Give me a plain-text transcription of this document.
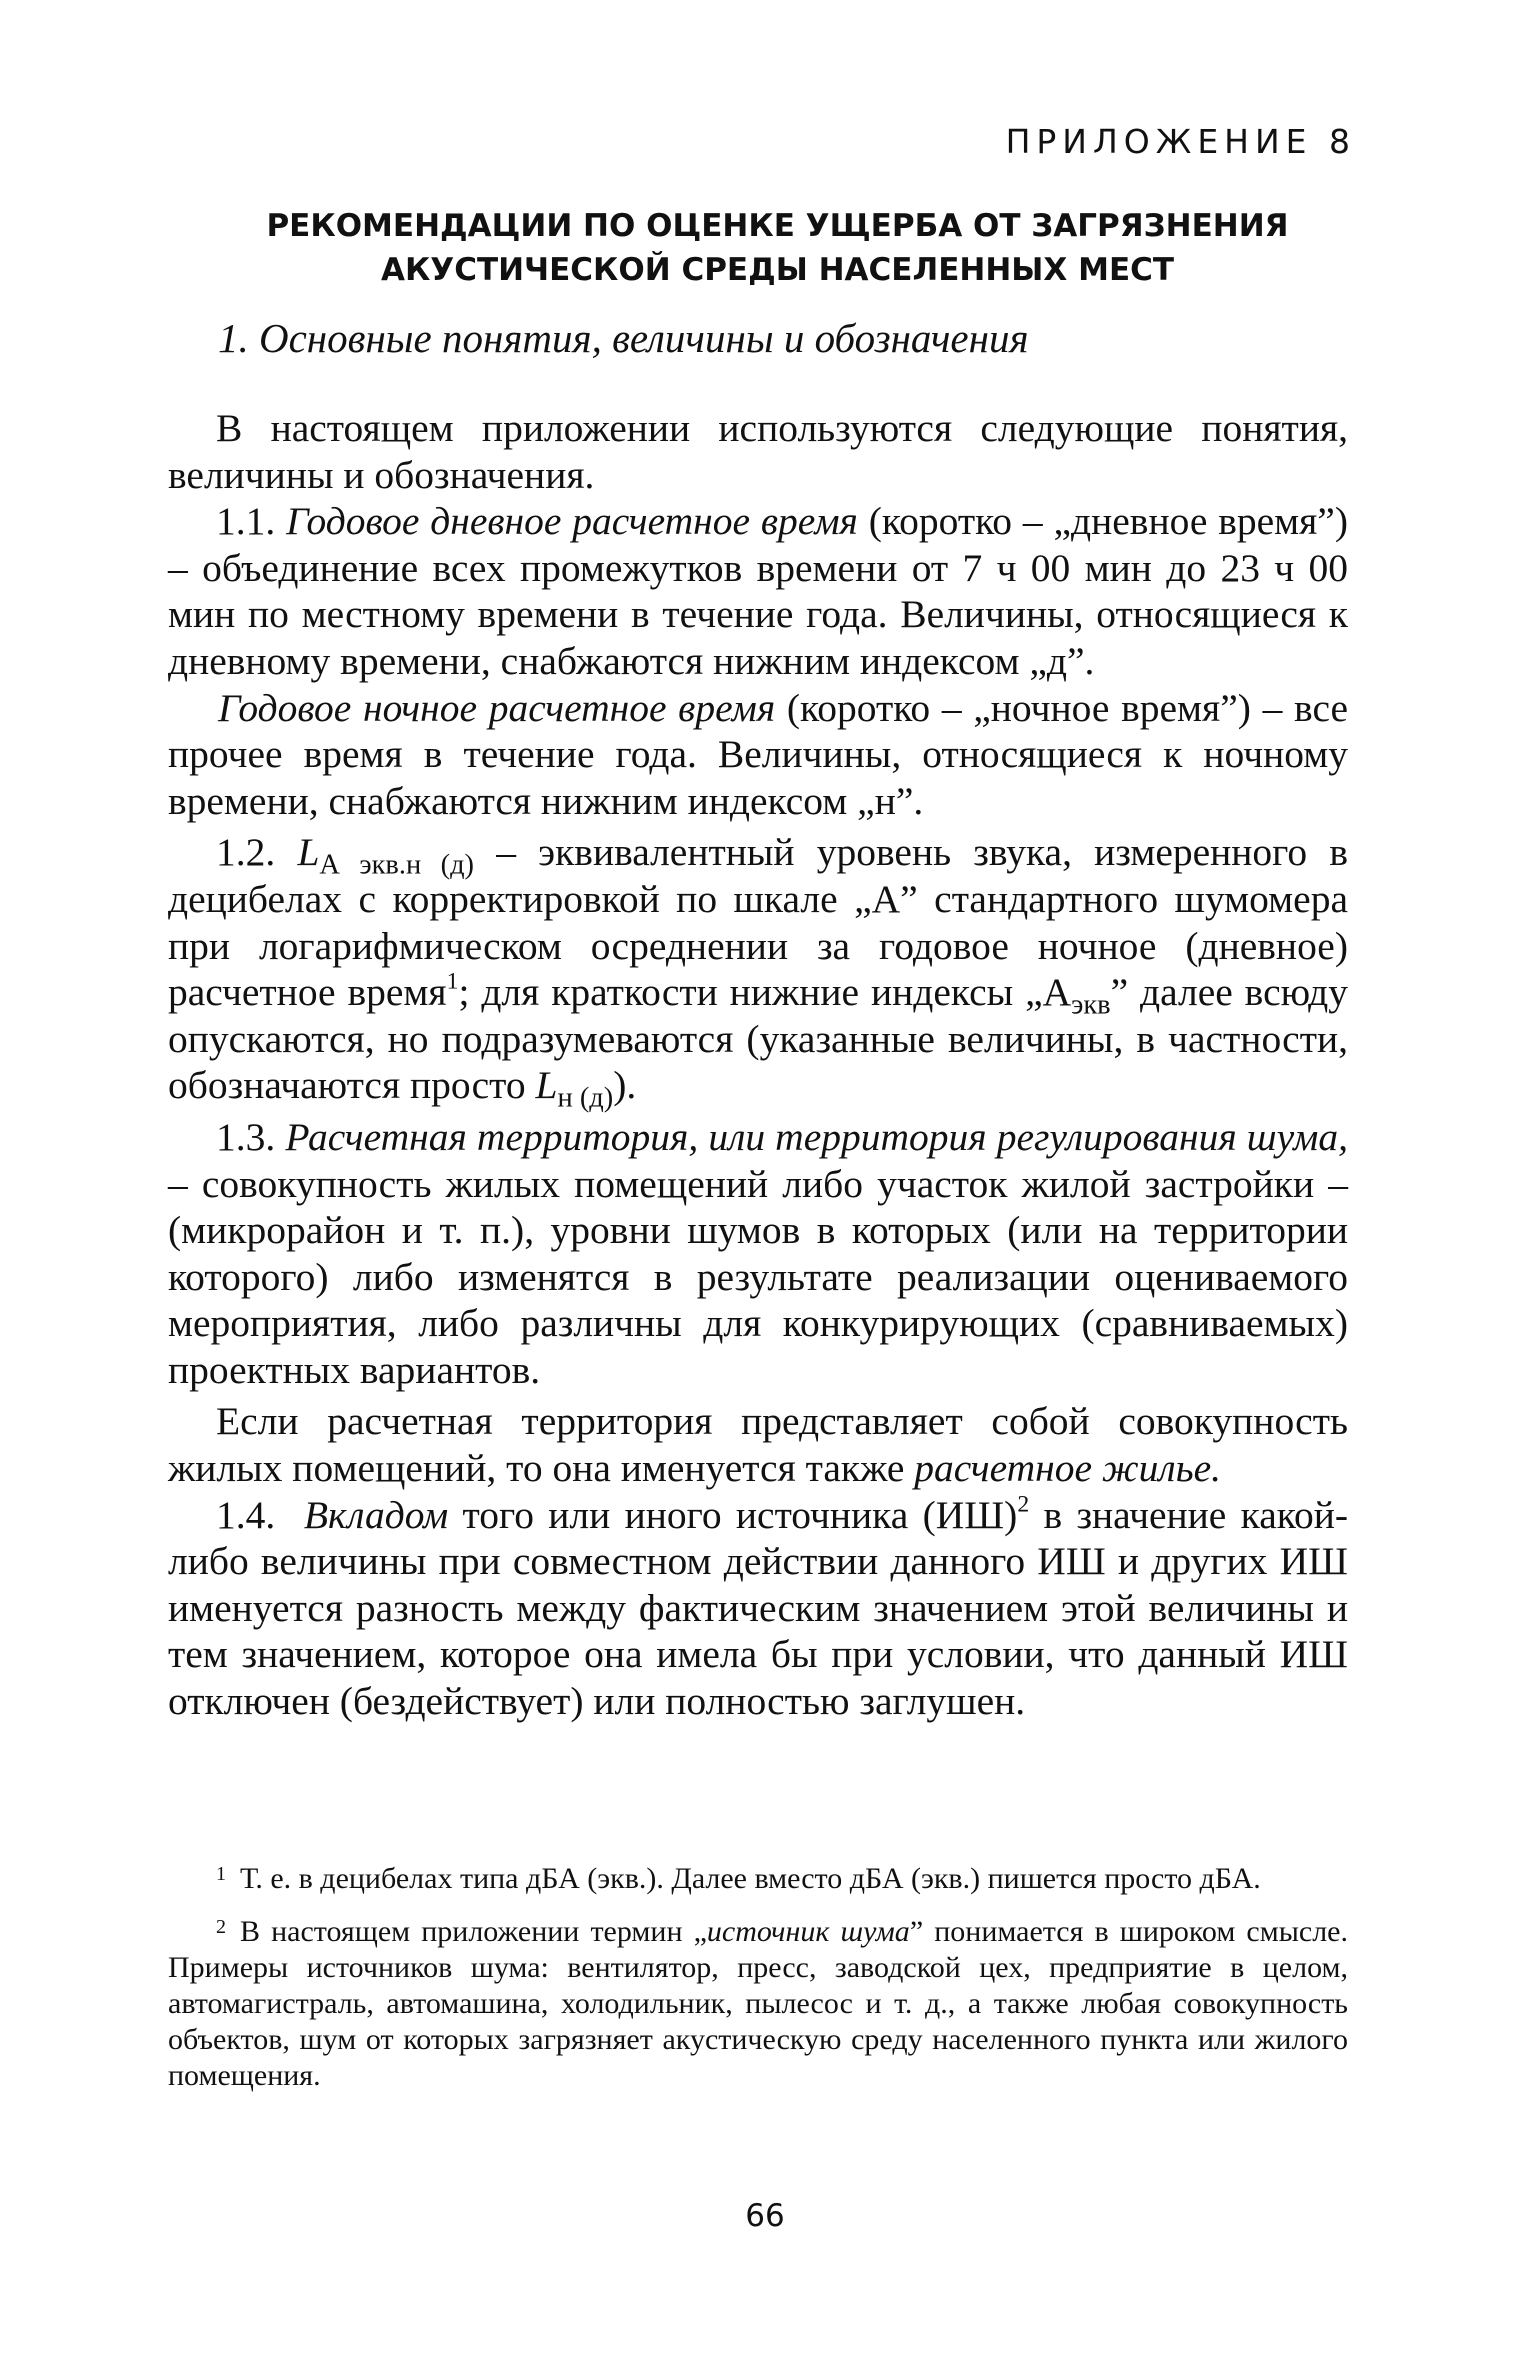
ПРИЛОЖЕНИЕ 8
РЕКОМЕНДАЦИИ ПО ОЦЕНКЕ УЩЕРБА ОТ ЗАГРЯЗНЕНИЯ
АКУСТИЧЕСКОЙ СРЕДЫ НАСЕЛЕННЫХ МЕСТ
1. Основные понятия, величины и обозначения

В настоящем приложении используются следующие понятия, величины и обозначения.

1.1. Годовое дневное расчетное время (коротко – „дневное время”) – объединение всех промежутков времени от 7 ч 00 мин до 23 ч 00 мин по местному времени в течение года. Величины, относящиеся к дневному времени, снабжаются нижним индексом „д”.

Годовое ночное расчетное время (коротко – „ночное время”) – все прочее время в течение года. Величины, относящиеся к ночному времени, снабжаются нижним индексом „н”.

1.2. $L_{А экв.н (д)}$ – эквивалентный уровень звука, измеренного в децибелах с корректировкой по шкале „А” стандартного шумомера при логарифмическом осреднении за годовое ночное (дневное) расчетное время$^1$; для краткости нижние индексы $„А_{экв}$” далее всюду опускаются, но подразумеваются (указанные величины, в частности, обозначаются просто $L_{н (д)}$).

1.3. Расчетная территория, или территория регулирования шума, – совокупность жилых помещений либо участок жилой застройки – (микрорайон и т. п.), уровни шумов в которых (или на территории которого) либо изменятся в результате реализации оцениваемого мероприятия, либо различны для конкурирующих (сравниваемых) проектных вариантов.

Если расчетная территория представляет собой совокупность жилых помещений, то она именуется также расчетное жилье.

1.4. Вкладом того или иного источника (ИШ)$^2$ в значение какой-либо величины при совместном действии данного ИШ и других ИШ именуется разность между фактическим значением этой величины и тем значением, которое она имела бы при условии, что данный ИШ отключен (бездействует) или полностью заглушен.

$^1$ Т. е. в децибелах типа дБА (экв.). Далее вместо дБА (экв.) пишется просто дБА.

$^2$ В настоящем приложении термин „источник шума” понимается в широком смысле. Примеры источников шума: вентилятор, пресс, заводской цех, предприятие в целом, автомагистраль, автомашина, холодильник, пылесос и т. д., а также любая совокупность объектов, шум от которых загрязняет акустическую среду населенного пункта или жилого помещения.

66
